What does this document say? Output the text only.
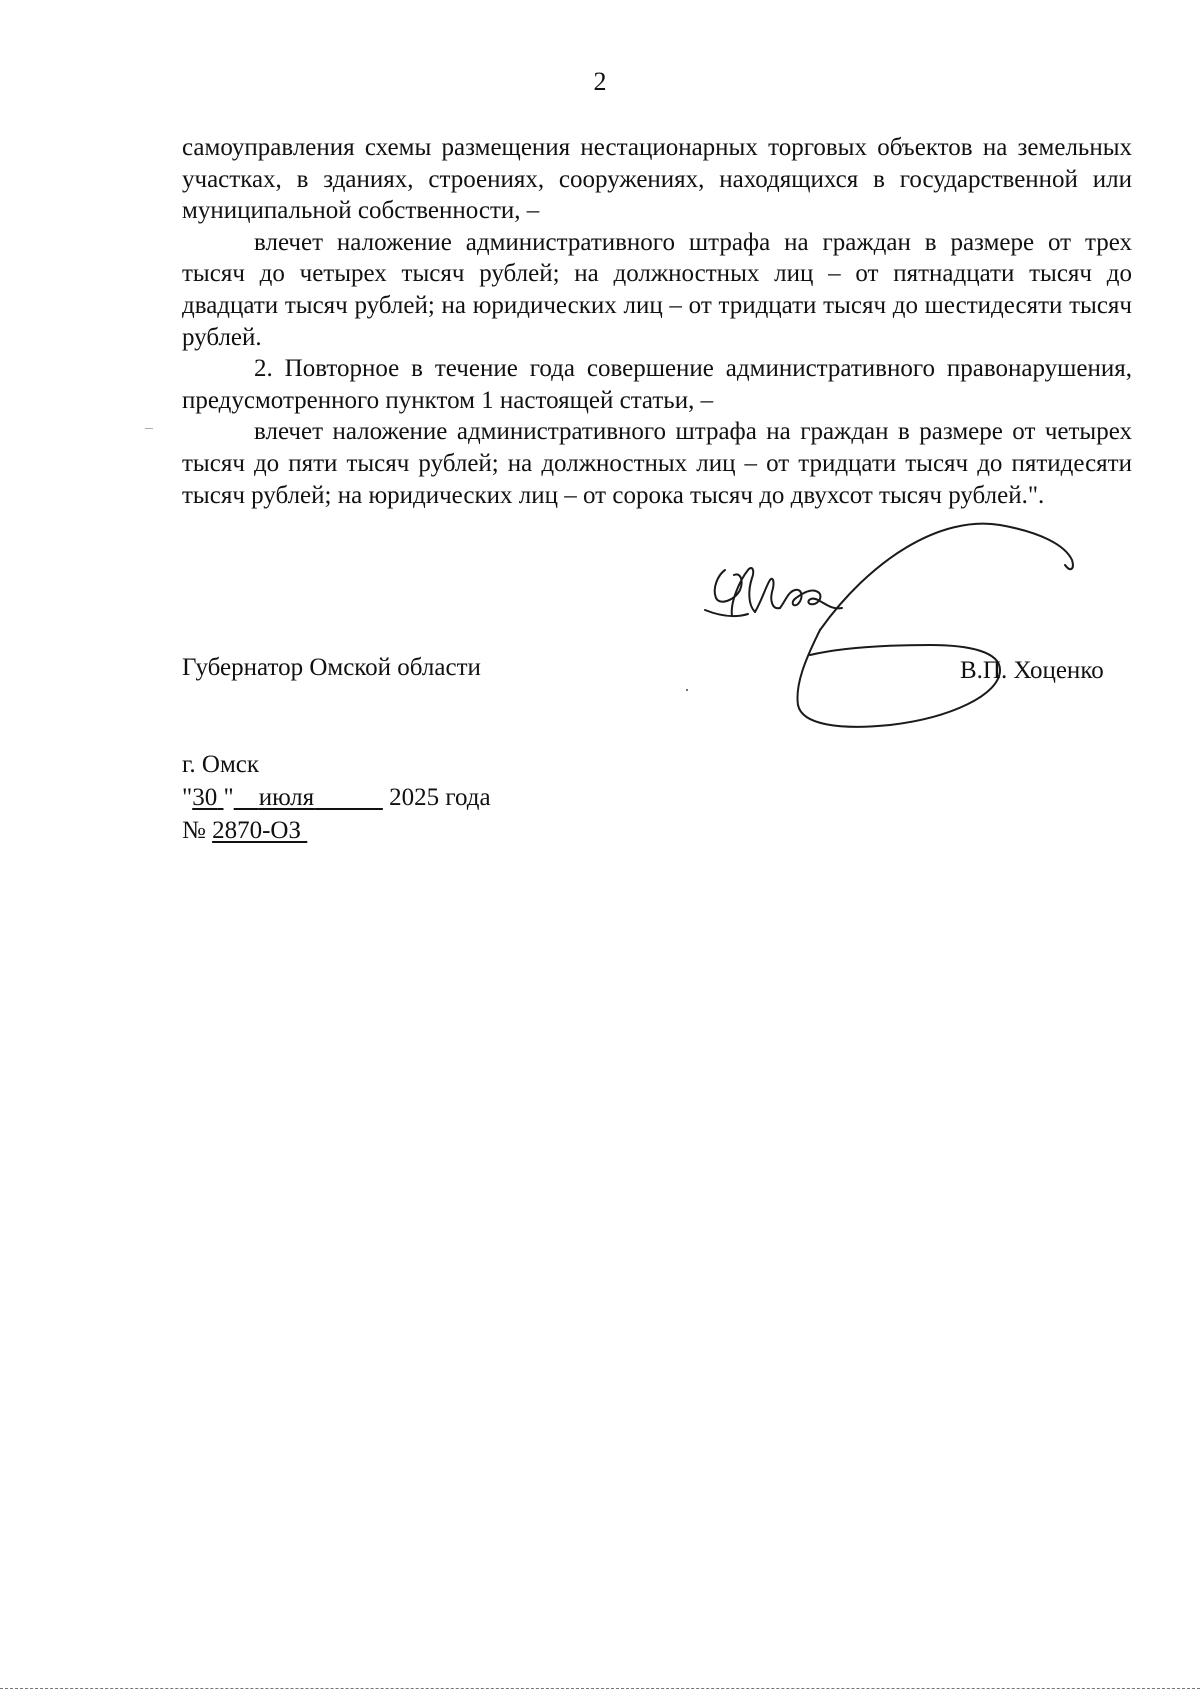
2

самоуправления схемы размещения нестационарных торговых объектов на земельных участках, в зданиях, строениях, сооружениях, находящихся в государственной или муниципальной собственности, –

влечет наложение административного штрафа на граждан в размере от трех тысяч до четырех тысяч рублей; на должностных лиц – от пятнадцати тысяч до двадцати тысяч рублей; на юридических лиц – от тридцати тысяч до шестидесяти тысяч рублей.

2. Повторное в течение года совершение административного правонарушения, предусмотренного пунктом 1 настоящей статьи, –

влечет наложение административного штрафа на граждан в размере от четырех тысяч до пяти тысяч рублей; на должностных лиц – от тридцати тысяч до пятидесяти тысяч рублей; на юридических лиц – от сорока тысяч до двухсот тысяч рублей.".

Губернатор Омской области	В.П. Хоценко
г. Омск
"30 " июля	2025 года
№ 2870-ОЗ
